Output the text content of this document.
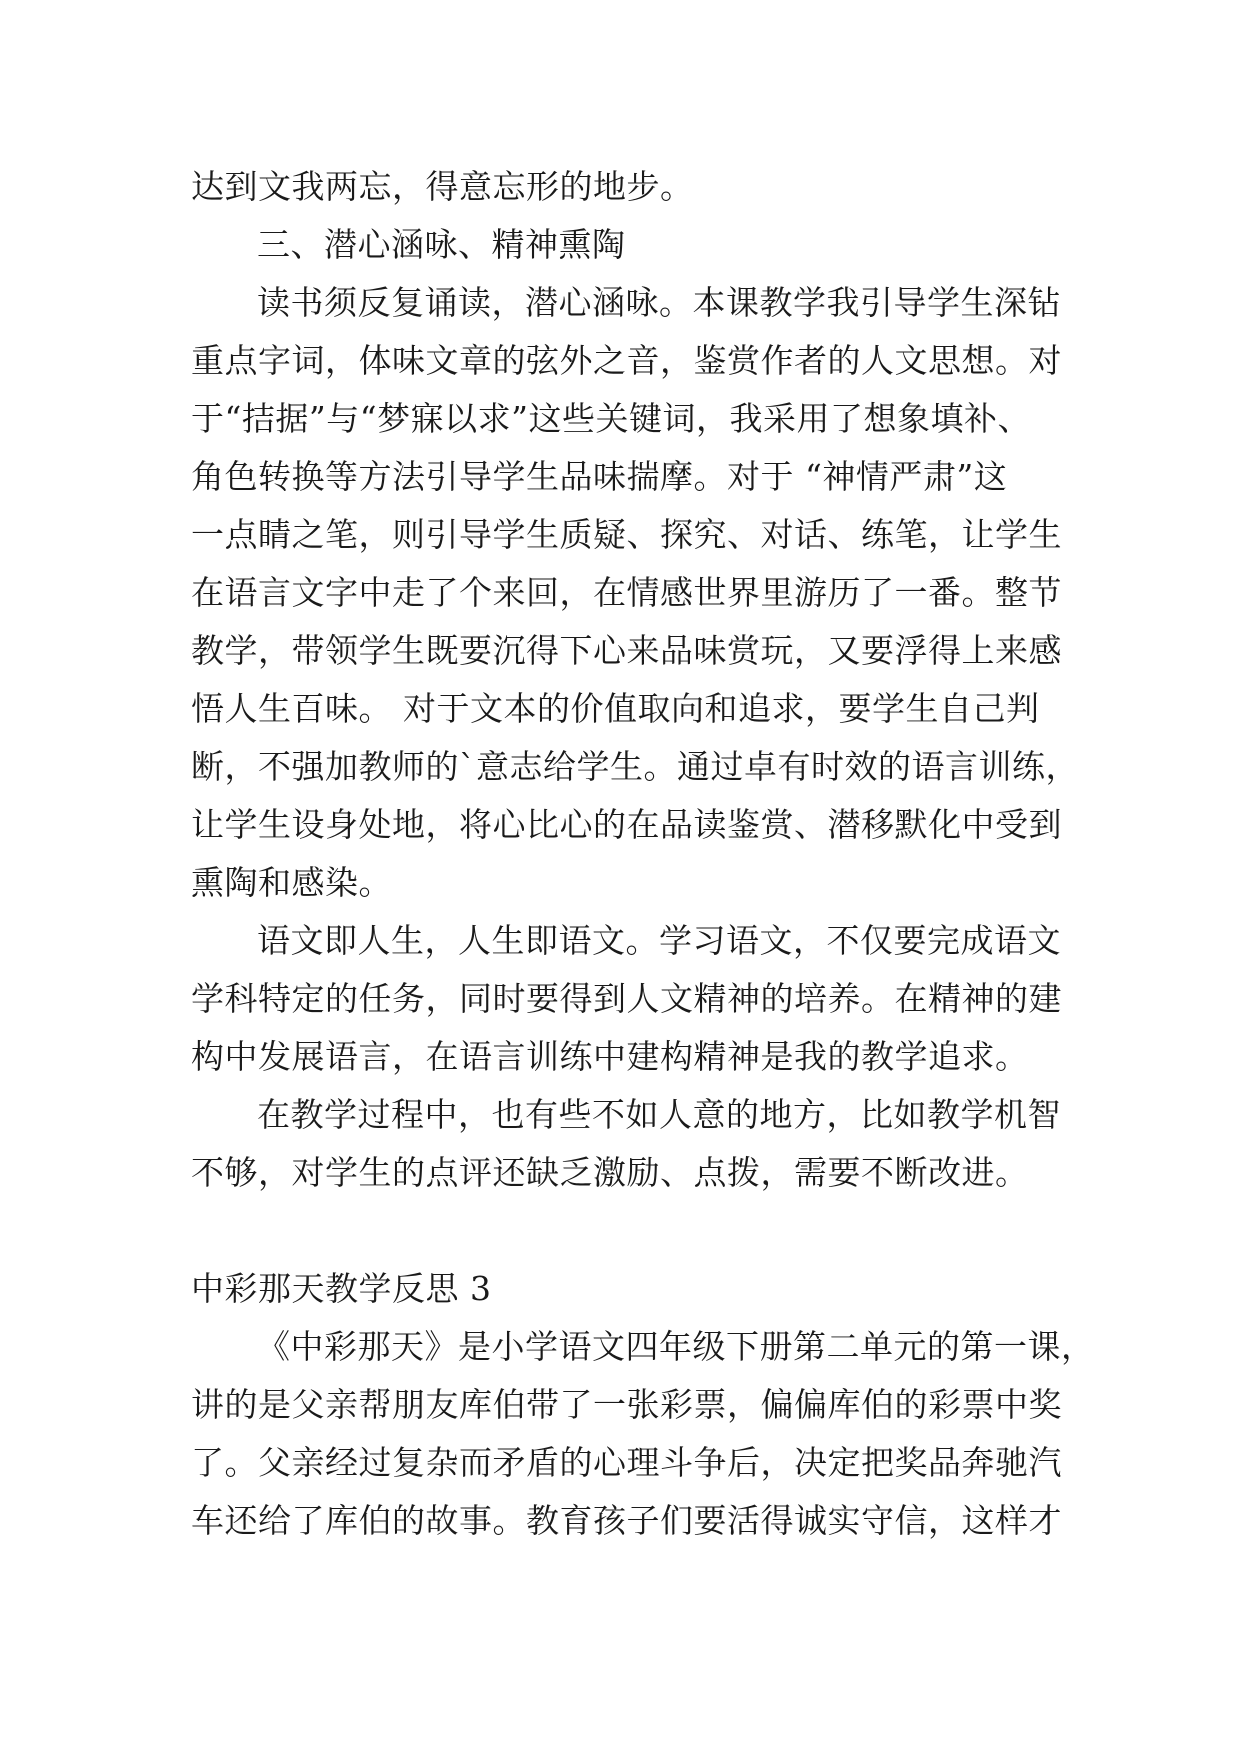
达到文我两忘，得意忘形的地步。
三、潜心涵咏、精神熏陶
读书须反复诵读，潜心涵咏。本课教学我引导学生深钻
重点字词，体味文章的弦外之音，鉴赏作者的人文思想。对
于“拮据”与“梦寐以求”这些关键词，我采用了想象填补、
角色转换等方法引导学生品味揣摩。对于 “神情严肃”这
一点睛之笔，则引导学生质疑、探究、对话、练笔，让学生
在语言文字中走了个来回，在情感世界里游历了一番。整节
教学，带领学生既要沉得下心来品味赏玩，又要浮得上来感
悟人生百味。 对于文本的价值取向和追求，要学生自己判
断，不强加教师的`意志给学生。通过卓有时效的语言训练，
让学生设身处地，将心比心的在品读鉴赏、潜移默化中受到
熏陶和感染。
语文即人生，人生即语文。学习语文，不仅要完成语文
学科特定的任务，同时要得到人文精神的培养。在精神的建
构中发展语言，在语言训练中建构精神是我的教学追求。
在教学过程中，也有些不如人意的地方，比如教学机智
不够，对学生的点评还缺乏激励、点拨，需要不断改进。
中彩那天教学反思 3
《中彩那天》是小学语文四年级下册第二单元的第一课，
讲的是父亲帮朋友库伯带了一张彩票，偏偏库伯的彩票中奖
了。父亲经过复杂而矛盾的心理斗争后，决定把奖品奔驰汽
车还给了库伯的故事。教育孩子们要活得诚实守信，这样才
